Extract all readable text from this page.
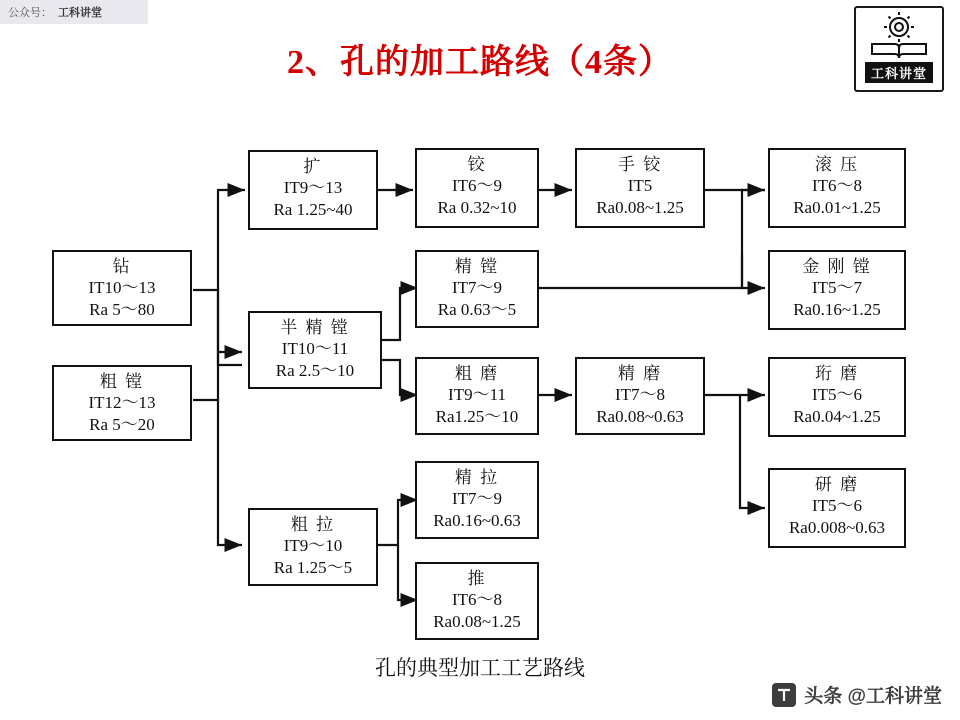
公众号： 工科讲堂
2、孔的加工路线（4条）	工科讲堂
钻
IT10～13
Ra 5～80
粗 镗
IT12～13
Ra 5～20
扩
IT9～13
Ra 1.25~40
铰
IT6～9
Ra 0.32~10
手 铰
IT5
Ra0.08~1.25
半 精 镗
IT10～11
Ra 2.5～10
精 镗
IT7～9
Ra 0.63～5
粗 磨
IT9～11
Ra1.25～10
精 磨
IT7～8
Ra0.08~0.63
滚 压
IT6～8
Ra0.01~1.25
金 刚 镗
IT5～7
Ra0.16~1.25
珩 磨
IT5～6
Ra0.04~1.25
研 磨
IT5～6
Ra0.008~0.63
粗 拉
IT9～10
Ra 1.25～5
精 拉
IT7～9
Ra0.16~0.63
推
IT6～8
Ra0.08~1.25
孔的典型加工工艺路线
头条 @工科讲堂
